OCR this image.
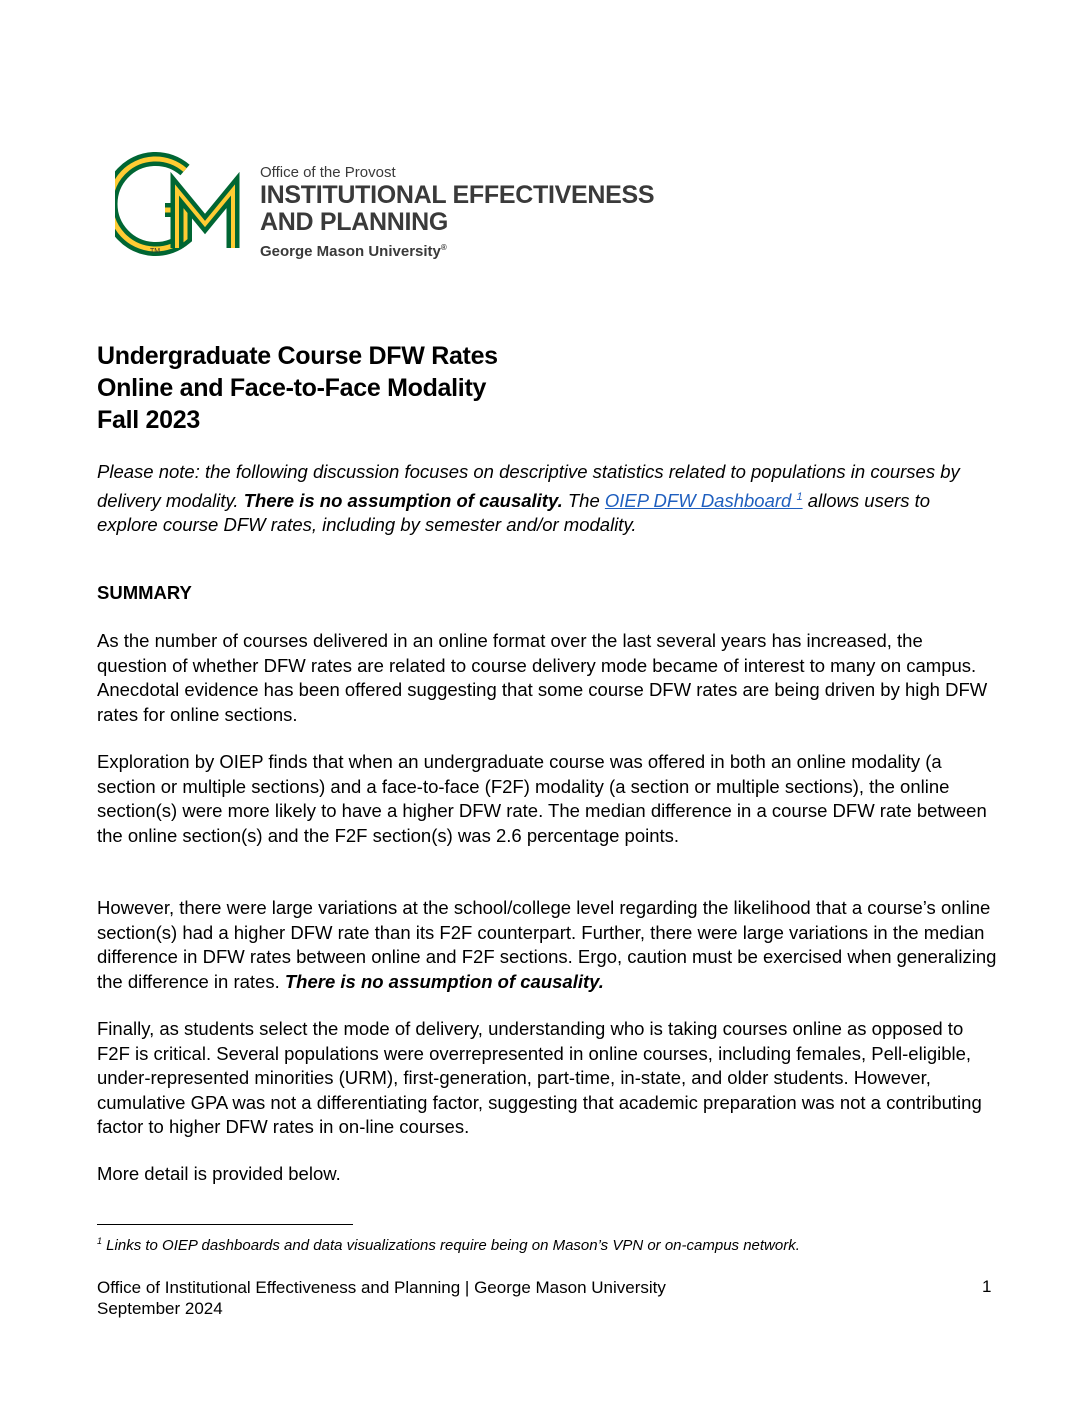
TM
Office of the Provost
INSTITUTIONAL EFFECTIVENESS
AND PLANNING
George Mason University®
Undergraduate Course DFW Rates
Online and Face-to-Face Modality
Fall 2023

Please note: the following discussion focuses on descriptive statistics related to populations in courses by delivery modality. There is no assumption of causality. The OIEP DFW Dashboard $^1$ allows users to explore course DFW rates, including by semester and/or modality.

SUMMARY

As the number of courses delivered in an online format over the last several years has increased, the question of whether DFW rates are related to course delivery mode became of interest to many on campus. Anecdotal evidence has been offered suggesting that some course DFW rates are being driven by high DFW rates for online sections.

Exploration by OIEP finds that when an undergraduate course was offered in both an online modality (a section or multiple sections) and a face-to-face (F2F) modality (a section or multiple sections), the online section(s) were more likely to have a higher DFW rate. The median difference in a course DFW rate between the online section(s) and the F2F section(s) was 2.6 percentage points.

However, there were large variations at the school/college level regarding the likelihood that a course’s online section(s) had a higher DFW rate than its F2F counterpart. Further, there were large variations in the median difference in DFW rates between online and F2F sections. Ergo, caution must be exercised when generalizing the difference in rates. There is no assumption of causality.

Finally, as students select the mode of delivery, understanding who is taking courses online as opposed to F2F is critical. Several populations were overrepresented in online courses, including females, Pell-eligible, under-represented minorities (URM), first-generation, part-time, in-state, and older students. However, cumulative GPA was not a differentiating factor, suggesting that academic preparation was not a contributing factor to higher DFW rates in on-line courses.

More detail is provided below.

$^1$ Links to OIEP dashboards and data visualizations require being on Mason’s VPN or on-campus network.
Office of Institutional Effectiveness and Planning | George Mason University
September 2024
1
